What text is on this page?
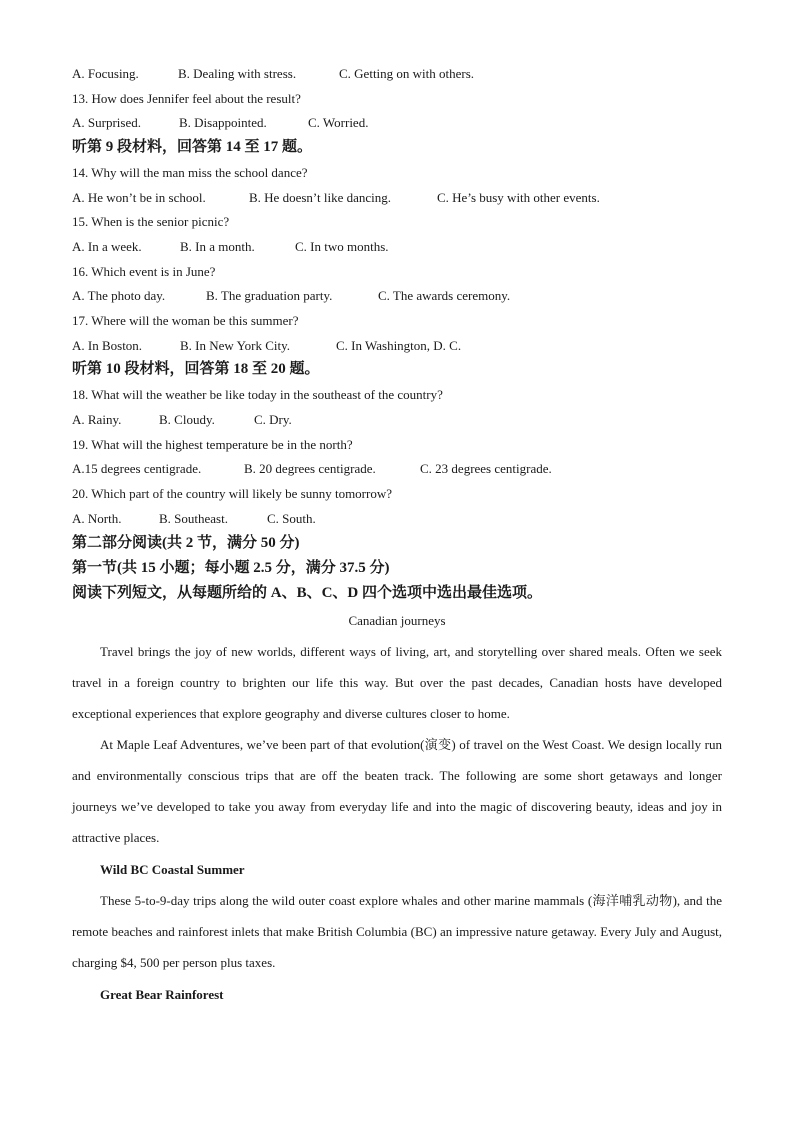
A. Focusing.	B. Dealing with stress.	C. Getting on with others.
13. How does Jennifer feel about the result?
A. Surprised.	B. Disappointed.	C. Worried.
听第 9 段材料，回答第 14 至 17 题。
14. Why will the man miss the school dance?
A. He won’t be in school.	B. He doesn’t like dancing.	C. He’s busy with other events.
15. When is the senior picnic?
A. In a week.	B. In a month.	C. In two months.
16. Which event is in June?
A. The photo day.	B. The graduation party.	C. The awards ceremony.
17. Where will the woman be this summer?
A. In Boston.	B. In New York City.	C. In Washington, D. C.
听第 10 段材料，回答第 18 至 20 题。
18. What will the weather be like today in the southeast of the country?
A. Rainy.	B. Cloudy.	C. Dry.
19. What will the highest temperature be in the north?
A.15 degrees centigrade.	B. 20 degrees centigrade.	C. 23 degrees centigrade.
20. Which part of the country will likely be sunny tomorrow?
A. North.	B. Southeast.	C. South.
第二部分阅读(共 2 节，满分 50 分)
第一节(共 15 小题；每小题 2.5 分，满分 37.5 分)
阅读下列短文，从每题所给的 A、B、C、D 四个选项中选出最佳选项。
Canadian journeys

Travel brings the joy of new worlds, different ways of living, art, and storytelling over shared meals. Often we seek travel in a foreign country to brighten our life this way. But over the past decades, Canadian hosts have developed exceptional experiences that explore geography and diverse cultures closer to home.

At Maple Leaf Adventures, we’ve been part of that evolution(演变) of travel on the West Coast. We design locally run and environmentally conscious trips that are off the beaten track. The following are some short getaways and longer journeys we’ve developed to take you away from everyday life and into the magic of discovering beauty, ideas and joy in attractive places.

Wild BC Coastal Summer

These 5-to-9-day trips along the wild outer coast explore whales and other marine mammals (海洋哺乳动物), and the remote beaches and rainforest inlets that make British Columbia (BC) an impressive nature getaway. Every July and August, charging $4, 500 per person plus taxes.

Great Bear Rainforest
